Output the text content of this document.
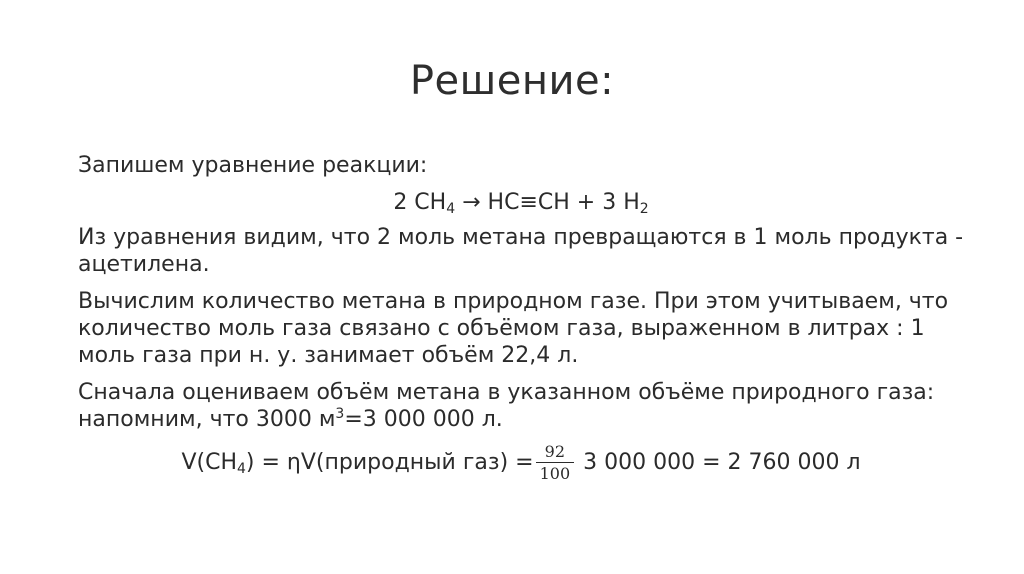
Решение:

Запишем уравнение реакции:

2 $CH_4 \to HC\equiv CH + 3$ $H_2$

Из уравнения видим, что 2 моль метана превращаются в 1 моль продукта - ацетилена.

Вычислим количество метана в природном газе. При этом учитываем, что количество моль газа связано с объёмом газа, выраженном в литрах : 1 моль газа при н. у. занимает объём 22,4 л.

Сначала оцениваем объём метана в указанном объёме природного газа: напомним, что 3000 $м^3=3$ 000 000 л.

$V(CH_4)$ = ηV(природный $газ) = \frac{92}{100} 3$ 000 000 = 2 760 000 л
